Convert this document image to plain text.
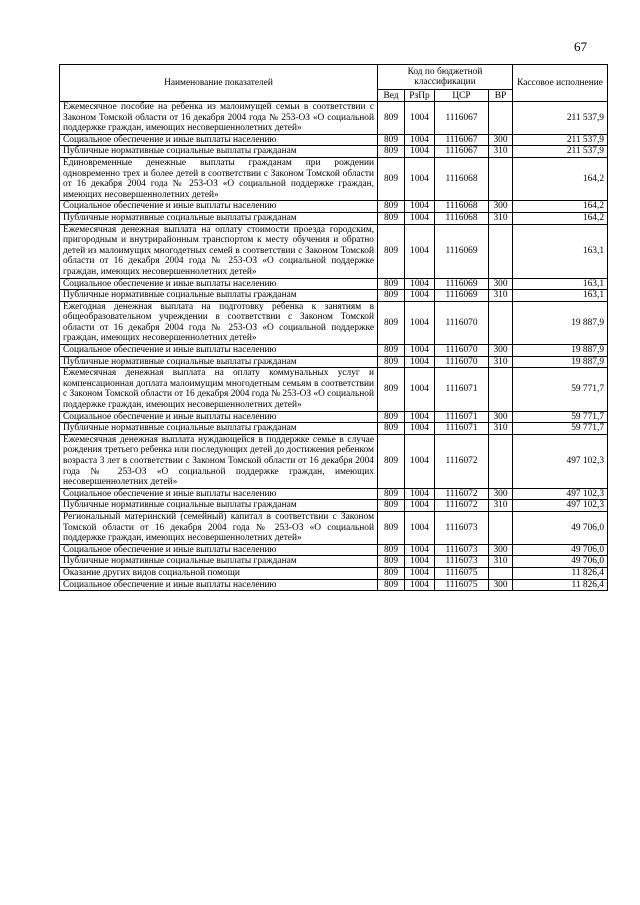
67
Наименование показателей	Код по бюджетной классификации				Кассовое исполнение
	Вед	РзПр	ЦСР	ВР	
Ежемесячное пособие на ребенка из малоимущей семьи в соответствии с Законом Томской области от 16 декабря 2004 года № 253-ОЗ «О социальной поддержке граждан, имеющих несовершеннолетних детей»	809	1004	1116067		211 537,9
Социальное обеспечение и иные выплаты населению	809	1004	1116067	300	211 537,9
Публичные нормативные социальные выплаты гражданам	809	1004	1116067	310	211 537,9
Единовременные денежные выплаты гражданам при рождении одновременно трех и более детей в соответствии с Законом Томской области от 16 декабря 2004 года № 253-ОЗ «О социальной поддержке граждан, имеющих несовершеннолетних детей»	809	1004	1116068		164,2
Социальное обеспечение и иные выплаты населению	809	1004	1116068	300	164,2
Публичные нормативные социальные выплаты гражданам	809	1004	1116068	310	164,2
Ежемесячная денежная выплата на оплату стоимости проезда городским, пригородным и внутрирайонным транспортом к месту обучения и обратно детей из малоимущих многодетных семей в соответствии с Законом Томской области от 16 декабря 2004 года № 253-ОЗ «О социальной поддержке граждан, имеющих несовершеннолетних детей»	809	1004	1116069		163,1
Социальное обеспечение и иные выплаты населению	809	1004	1116069	300	163,1
Публичные нормативные социальные выплаты гражданам	809	1004	1116069	310	163,1
Ежегодная денежная выплата на подготовку ребенка к занятиям в общеобразовательном учреждении в соответствии с Законом Томской области от 16 декабря 2004 года № 253-ОЗ «О социальной поддержке граждан, имеющих несовершеннолетних детей»	809	1004	1116070		19 887,9
Социальное обеспечение и иные выплаты населению	809	1004	1116070	300	19 887,9
Публичные нормативные социальные выплаты гражданам	809	1004	1116070	310	19 887,9
Ежемесячная денежная выплата на оплату коммунальных услуг и компенсационная доплата малоимущим многодетным семьям в соответствии с Законом Томской области от 16 декабря 2004 года № 253-ОЗ «О социальной поддержке граждан, имеющих несовершеннолетних детей»	809	1004	1116071		59 771,7
Социальное обеспечение и иные выплаты населению	809	1004	1116071	300	59 771,7
Публичные нормативные социальные выплаты гражданам	809	1004	1116071	310	59 771,7
Ежемесячная денежная выплата нуждающейся в поддержке семье в случае рождения третьего ребенка или последующих детей до достижения ребенком возраста 3 лет в соответствии с Законом Томской области от 16 декабря 2004 года № 253-ОЗ «О социальной поддержке граждан, имеющих несовершеннолетних детей»	809	1004	1116072		497 102,3
Социальное обеспечение и иные выплаты населению	809	1004	1116072	300	497 102,3
Публичные нормативные социальные выплаты гражданам	809	1004	1116072	310	497 102,3
Региональный материнский (семейный) капитал в соответствии с Законом Томской области от 16 декабря 2004 года № 253-ОЗ «О социальной поддержке граждан, имеющих несовершеннолетних детей»	809	1004	1116073		49 706,0
Социальное обеспечение и иные выплаты населению	809	1004	1116073	300	49 706,0
Публичные нормативные социальные выплаты гражданам	809	1004	1116073	310	49 706,0
Оказание других видов социальной помощи	809	1004	1116075		11 826,4
Социальное обеспечение и иные выплаты населению	809	1004	1116075	300	11 826,4
